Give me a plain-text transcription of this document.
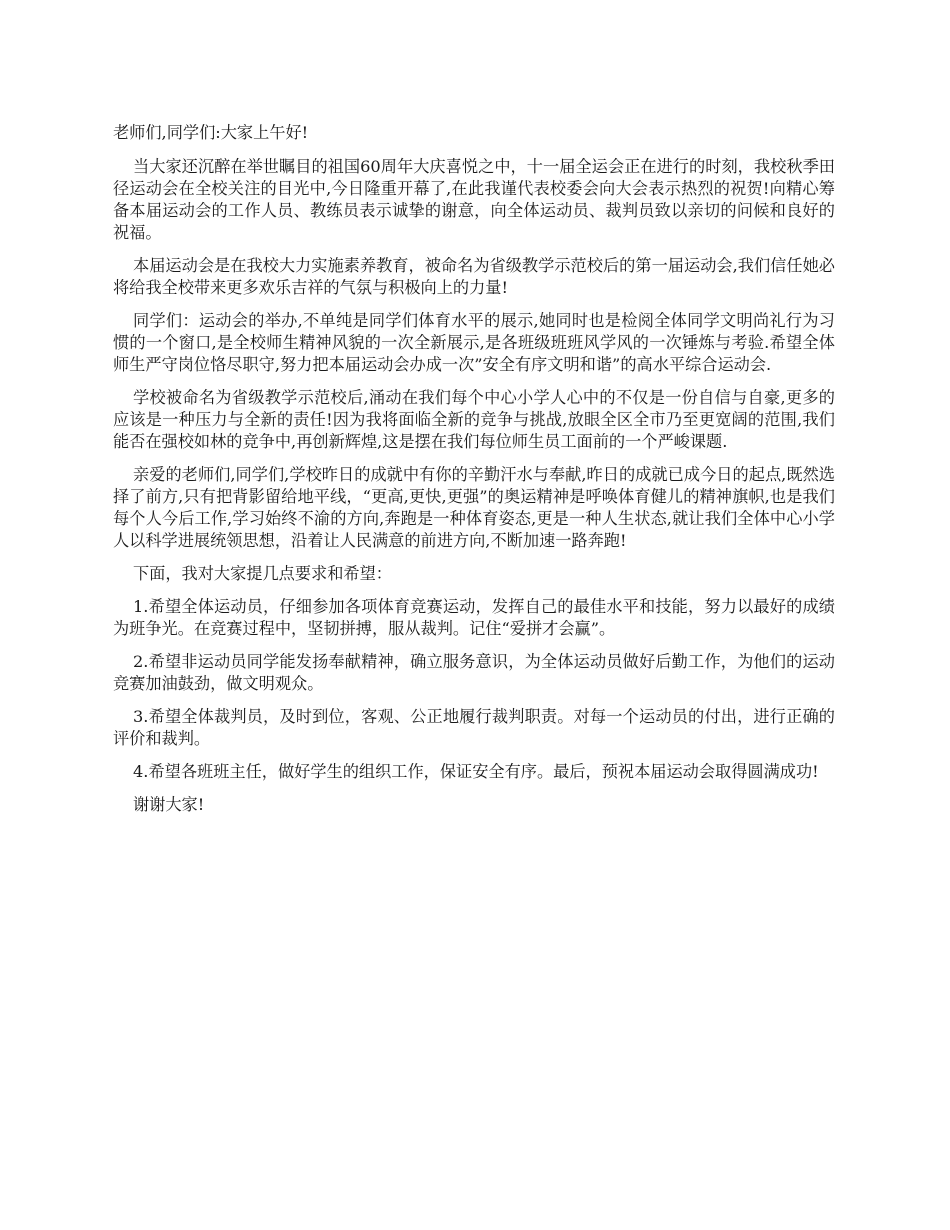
老师们,同学们:大家上午好!

当大家还沉醉在举世瞩目的祖国60周年大庆喜悦之中，十一届全运会正在进行的时刻，我校秋季田径运动会在全校关注的目光中,今日隆重开幕了,在此我谨代表校委会向大会表示热烈的祝贺!向精心筹备本届运动会的工作人员、教练员表示诚挚的谢意，向全体运动员、裁判员致以亲切的问候和良好的祝福。

本届运动会是在我校大力实施素养教育，被命名为省级教学示范校后的第一届运动会,我们信任她必将给我全校带来更多欢乐吉祥的气氛与积极向上的力量!

同学们：运动会的举办,不单纯是同学们体育水平的展示,她同时也是检阅全体同学文明尚礼行为习惯的一个窗口,是全校师生精神风貌的一次全新展示,是各班级班班风学风的一次锤炼与考验.希望全体师生严守岗位恪尽职守,努力把本届运动会办成一次”安全有序文明和谐”的高水平综合运动会.

学校被命名为省级教学示范校后,涌动在我们每个中心小学人心中的不仅是一份自信与自豪,更多的应该是一种压力与全新的责任!因为我将面临全新的竞争与挑战,放眼全区全市乃至更宽阔的范围,我们能否在强校如林的竞争中,再创新辉煌,这是摆在我们每位师生员工面前的一个严峻课题.

亲爱的老师们,同学们,学校昨日的成就中有你的辛勤汗水与奉献,昨日的成就已成今日的起点,既然选择了前方,只有把背影留给地平线，“更高,更快,更强”的奥运精神是呼唤体育健儿的精神旗帜,也是我们每个人今后工作,学习始终不渝的方向,奔跑是一种体育姿态,更是一种人生状态,就让我们全体中心小学人以科学进展统领思想，沿着让人民满意的前进方向,不断加速一路奔跑!

下面，我对大家提几点要求和希望：

1.希望全体运动员，仔细参加各项体育竞赛运动，发挥自己的最佳水平和技能，努力以最好的成绩为班争光。在竞赛过程中，坚韧拼搏，服从裁判。记住“爱拼才会赢”。

2.希望非运动员同学能发扬奉献精神，确立服务意识，为全体运动员做好后勤工作，为他们的运动竞赛加油鼓劲，做文明观众。

3.希望全体裁判员，及时到位，客观、公正地履行裁判职责。对每一个运动员的付出，进行正确的评价和裁判。

4.希望各班班主任，做好学生的组织工作，保证安全有序。最后，预祝本届运动会取得圆满成功!

谢谢大家!
